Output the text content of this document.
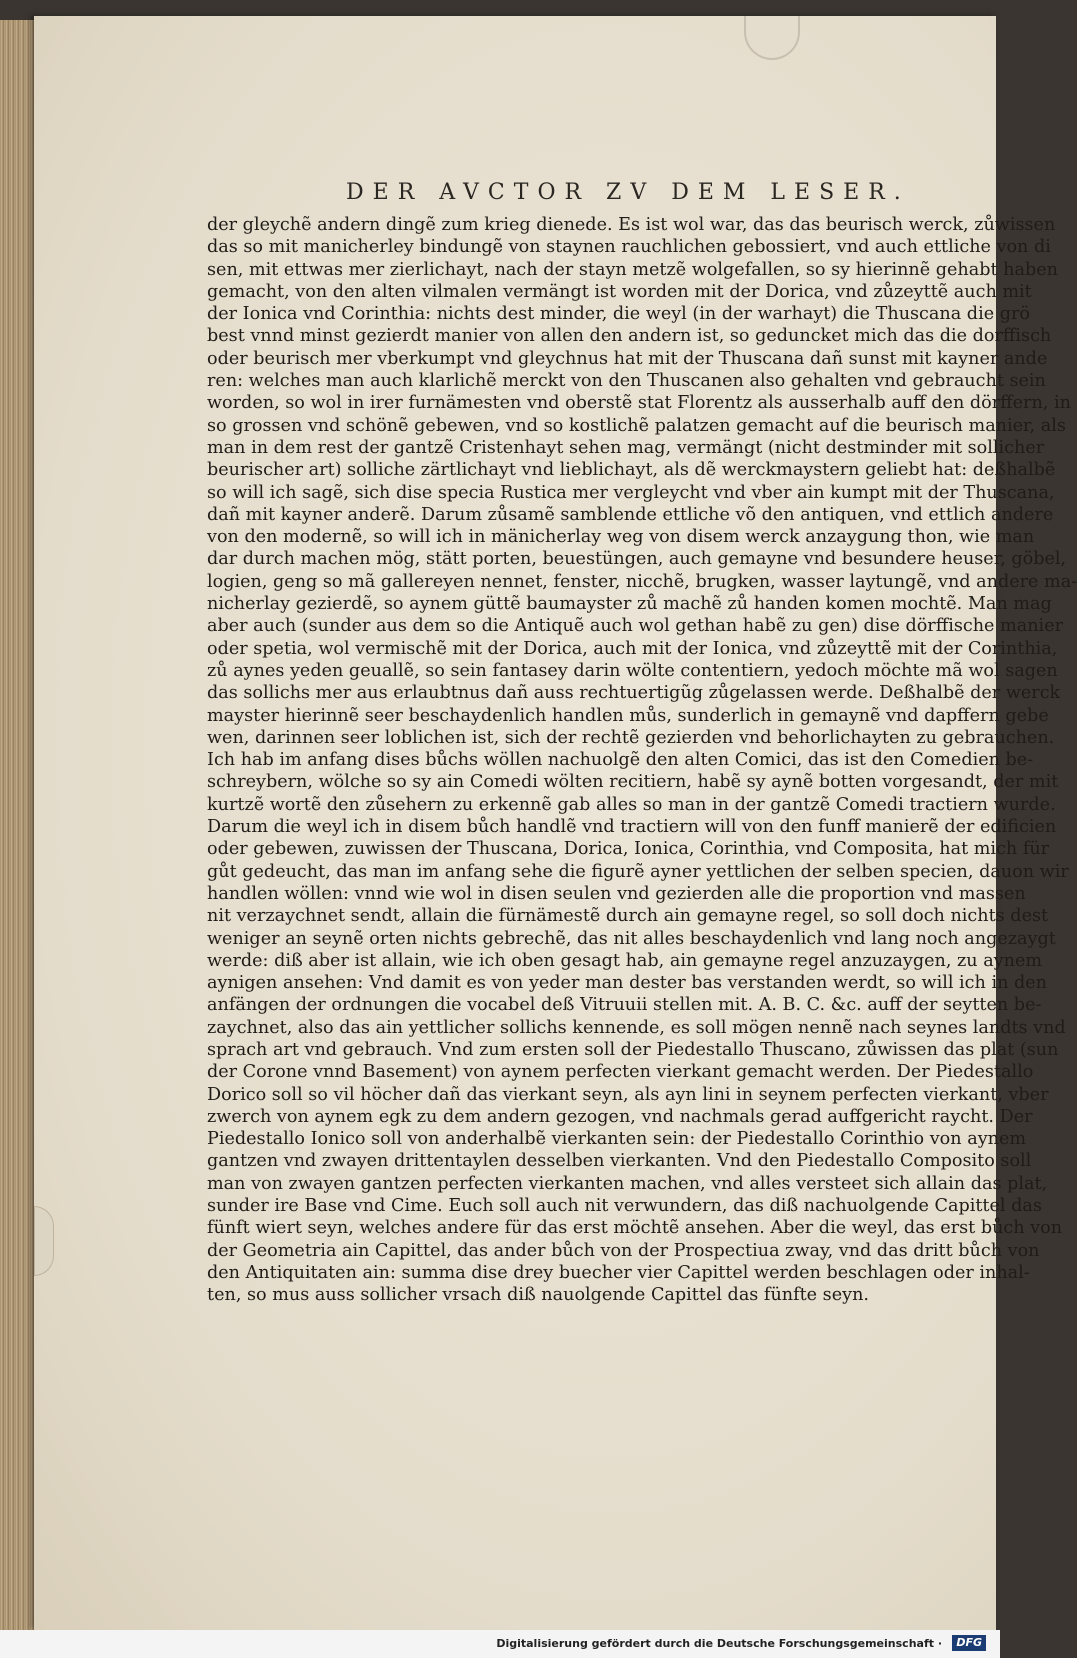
DER AVCTOR ZV DEM LESER.
der gleychẽ andern dingẽ zum krieg dienede. Es ist wol war, das das beurisch werck, zůwissen
das so mit manicherley bindungẽ von staynen rauchlichen gebossiert, vnd auch ettliche von di
sen, mit ettwas mer zierlichayt, nach der stayn metzẽ wolgefallen, so sy hierinnẽ gehabt haben
gemacht, von den alten vilmalen vermängt ist worden mit der Dorica, vnd zůzeyttẽ auch mit
der Ionica vnd Corinthia: nichts dest minder, die weyl (in der warhayt) die Thuscana die grö
best vnnd minst gezierdt manier von allen den andern ist, so geduncket mich das die dorffisch
oder beurisch mer vberkumpt vnd gleychnus hat mit der Thuscana dañ sunst mit kayner ande
ren: welches man auch klarlichẽ merckt von den Thuscanen also gehalten vnd gebraucht sein
worden, so wol in irer furnämesten vnd oberstẽ stat Florentz als ausserhalb auff den dörffern, in
so grossen vnd schönẽ gebewen, vnd so kostlichẽ palatzen gemacht auf die beurisch manier, als
man in dem rest der gantzẽ Cristenhayt sehen mag, vermängt (nicht destminder mit sollicher
beurischer art) solliche zärtlichayt vnd lieblichayt, als dẽ werckmaystern geliebt hat: deßhalbẽ
so will ich sagẽ, sich dise specia Rustica mer vergleycht vnd vber ain kumpt mit der Thuscana,
dañ mit kayner anderẽ. Darum zůsamẽ samblende ettliche võ den antiquen, vnd ettlich andere
von den modernẽ, so will ich in mänicherlay weg von disem werck anzaygung thon, wie man
dar durch machen mög, stätt porten, beuestüngen, auch gemayne vnd besundere heuser, göbel,
logien, geng so mã gallereyen nennet, fenster, nicchẽ, brugken, wasser laytungẽ, vnd andere ma-
nicherlay gezierdẽ, so aynem güttẽ baumayster zů machẽ zů handen komen mochtẽ. Man mag
aber auch (sunder aus dem so die Antiquẽ auch wol gethan habẽ zu gen) dise dörffische manier
oder spetia, wol vermischẽ mit der Dorica, auch mit der Ionica, vnd zůzeyttẽ mit der Corinthia,
zů aynes yeden geuallẽ, so sein fantasey darin wölte contentiern, yedoch möchte mã wol sagen
das sollichs mer aus erlaubtnus dañ auss rechtuertigũg zůgelassen werde. Deßhalbẽ der werck
mayster hierinnẽ seer beschaydenlich handlen můs, sunderlich in gemaynẽ vnd dapffern gebe
wen, darinnen seer loblichen ist, sich der rechtẽ gezierden vnd behorlichayten zu gebrauchen.
Ich hab im anfang dises bůchs wöllen nachuolgẽ den alten Comici, das ist den Comedien be-
schreybern, wölche so sy ain Comedi wölten recitiern, habẽ sy aynẽ botten vorgesandt, der mit
kurtzẽ wortẽ den zůsehern zu erkennẽ gab alles so man in der gantzẽ Comedi tractiern wurde.
Darum die weyl ich in disem bůch handlẽ vnd tractiern will von den funff manierẽ der edificien
oder gebewen, zuwissen der Thuscana, Dorica, Ionica, Corinthia, vnd Composita, hat mich für
gůt gedeucht, das man im anfang sehe die figurẽ ayner yettlichen der selben specien, dauon wir
handlen wöllen: vnnd wie wol in disen seulen vnd gezierden alle die proportion vnd massen
nit verzaychnet sendt, allain die fürnämestẽ durch ain gemayne regel, so soll doch nichts dest
weniger an seynẽ orten nichts gebrechẽ, das nit alles beschaydenlich vnd lang noch angezaygt
werde: diß aber ist allain, wie ich oben gesagt hab, ain gemayne regel anzuzaygen, zu aynem
aynigen ansehen: Vnd damit es von yeder man dester bas verstanden werdt, so will ich in den
anfängen der ordnungen die vocabel deß Vitruuii stellen mit. A. B. C. &c. auff der seytten be-
zaychnet, also das ain yettlicher sollichs kennende, es soll mögen nennẽ nach seynes landts vnd
sprach art vnd gebrauch. Vnd zum ersten soll der Piedestallo Thuscano, zůwissen das plat (sun
der Corone vnnd Basement) von aynem perfecten vierkant gemacht werden. Der Piedestallo
Dorico soll so vil höcher dañ das vierkant seyn, als ayn lini in seynem perfecten vierkant, vber
zwerch von aynem egk zu dem andern gezogen, vnd nachmals gerad auffgericht raycht. Der
Piedestallo Ionico soll von anderhalbẽ vierkanten sein: der Piedestallo Corinthio von aynem
gantzen vnd zwayen drittentaylen desselben vierkanten. Vnd den Piedestallo Composito soll
man von zwayen gantzen perfecten vierkanten machen, vnd alles versteet sich allain das plat,
sunder ire Base vnd Cime. Euch soll auch nit verwundern, das diß nachuolgende Capittel das
fünft wiert seyn, welches andere für das erst möchtẽ ansehen. Aber die weyl, das erst bůch von
der Geometria ain Capittel, das ander bůch von der Prospectiua zway, vnd das dritt bůch von
den Antiquitaten ain: summa dise drey buecher vier Capittel werden beschlagen oder inhal-
ten, so mus auss sollicher vrsach diß nauolgende Capittel das fünfte seyn.
Digitalisierung gefördert durch die Deutsche Forschungsgemeinschaft ·	DFG
